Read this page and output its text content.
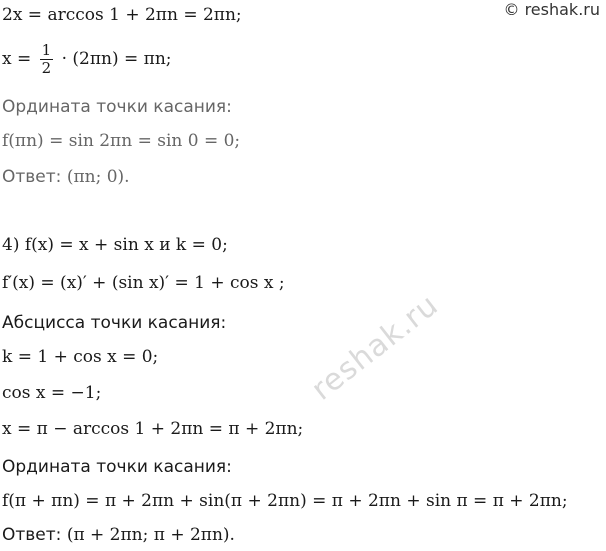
© reshak.ru
2x = arccos 1 + 2πn = 2πn;
$x = \frac{1}{2} \cdot (2\pi n) = \pi n$;
Ордината точки касания:
f(πn) = sin 2πn = sin 0 = 0;
Ответ: (πn; 0).
4) f(x) = x + sin x и k = 0;
f′(x) = (x)′ + (sin x)′ = 1 + cos x ;
Абсцисса точки касания:
k = 1 + cos x = 0;
cos x = −1;
x = π − arccos 1 + 2πn = π + 2πn;
Ордината точки касания:
f(π + πn) = π + 2πn + sin(π + 2πn) = π + 2πn + sin π = π + 2πn;
Ответ: (π + 2πn; π + 2πn).
reshak.ru
